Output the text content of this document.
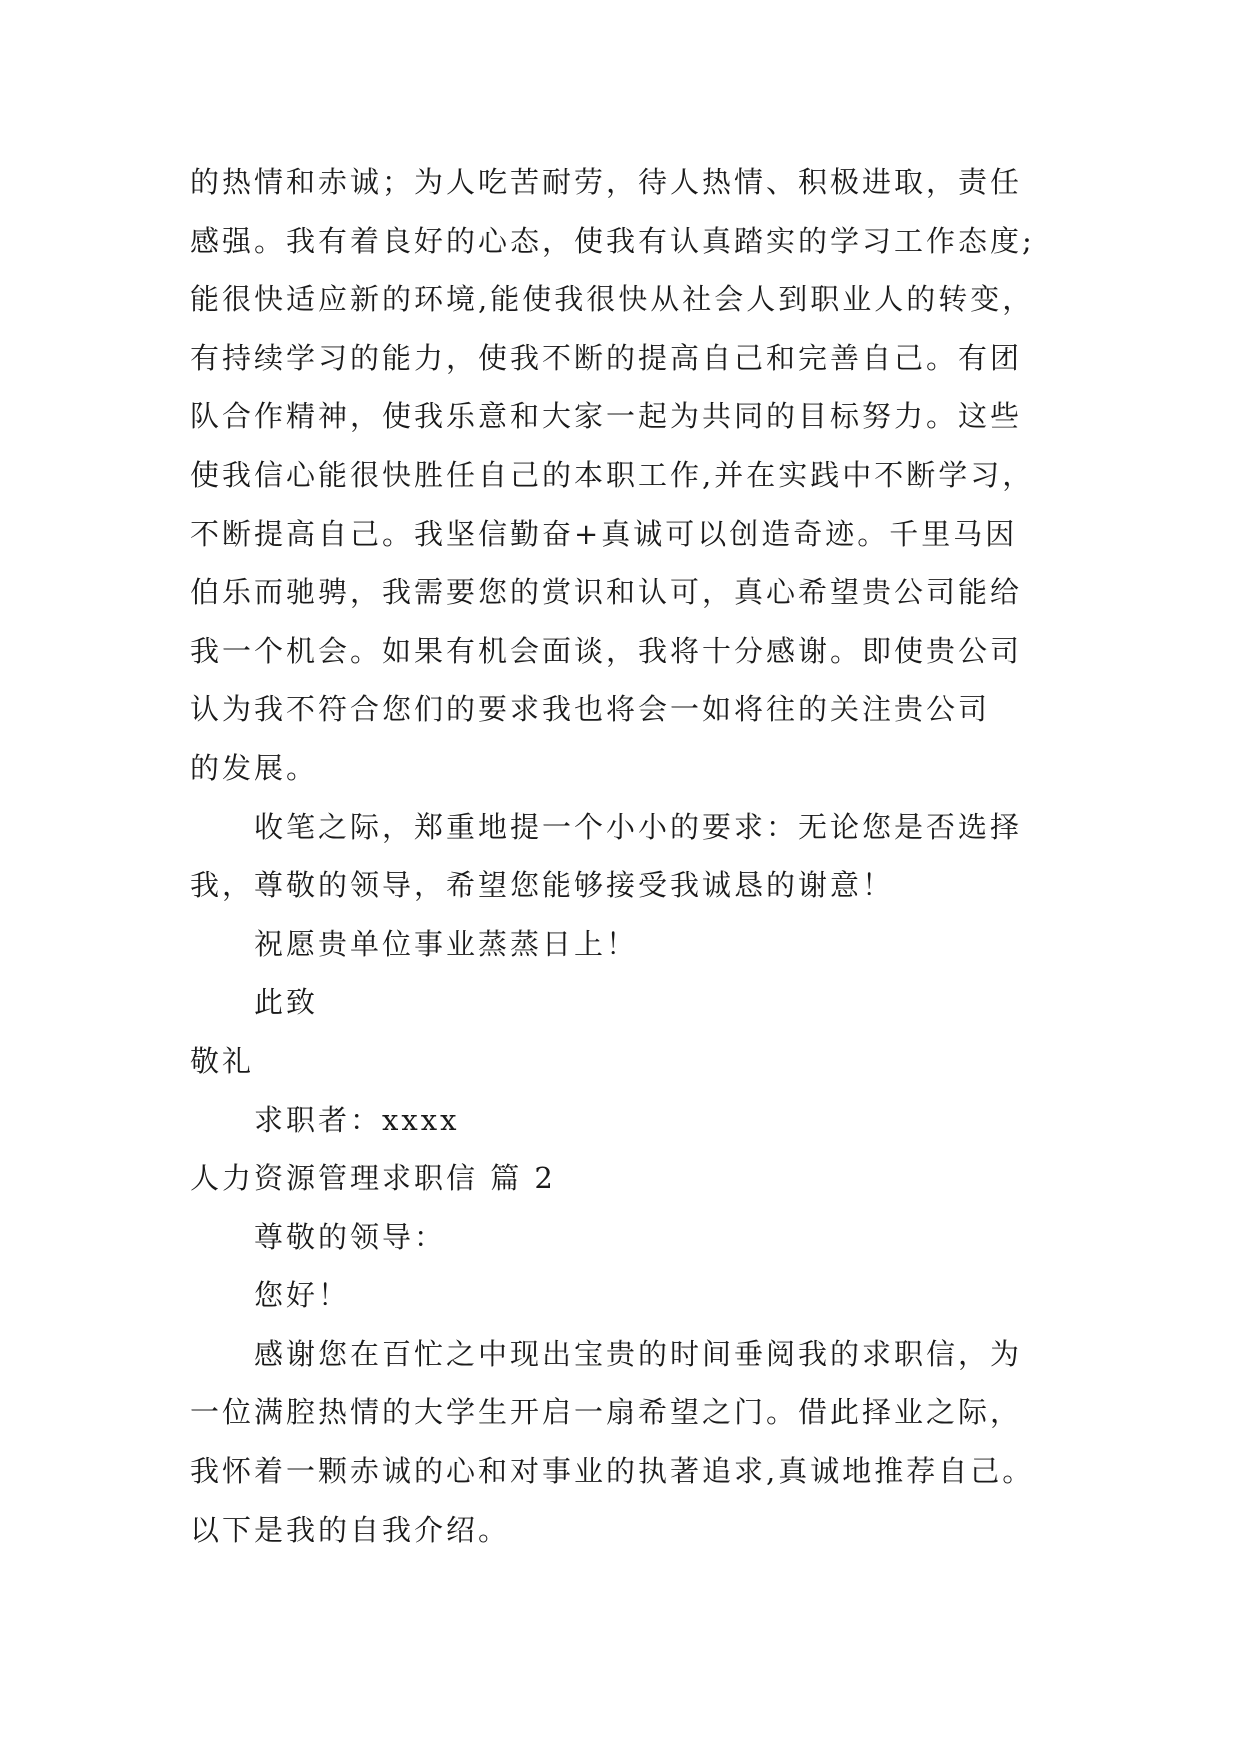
的热情和赤诚；为人吃苦耐劳，待人热情、积极进取，责任
感强。我有着良好的心态，使我有认真踏实的学习工作态度;
能很快适应新的环境,能使我很快从社会人到职业人的转变，
有持续学习的能力，使我不断的提高自己和完善自己。有团
队合作精神，使我乐意和大家一起为共同的目标努力。这些
使我信心能很快胜任自己的本职工作,并在实践中不断学习，
不断提高自己。我坚信勤奋+真诚可以创造奇迹。千里马因
伯乐而驰骋，我需要您的赏识和认可，真心希望贵公司能给
我一个机会。如果有机会面谈，我将十分感谢。即使贵公司
认为我不符合您们的要求我也将会一如将往的关注贵公司
的发展。
收笔之际，郑重地提一个小小的要求：无论您是否选择
我，尊敬的领导，希望您能够接受我诚恳的谢意！
祝愿贵单位事业蒸蒸日上！
此致
敬礼
求职者：xxxx
人力资源管理求职信 篇 2
尊敬的领导：
您好！
感谢您在百忙之中现出宝贵的时间垂阅我的求职信，为
一位满腔热情的大学生开启一扇希望之门。借此择业之际，
我怀着一颗赤诚的心和对事业的执著追求,真诚地推荐自己。
以下是我的自我介绍。
